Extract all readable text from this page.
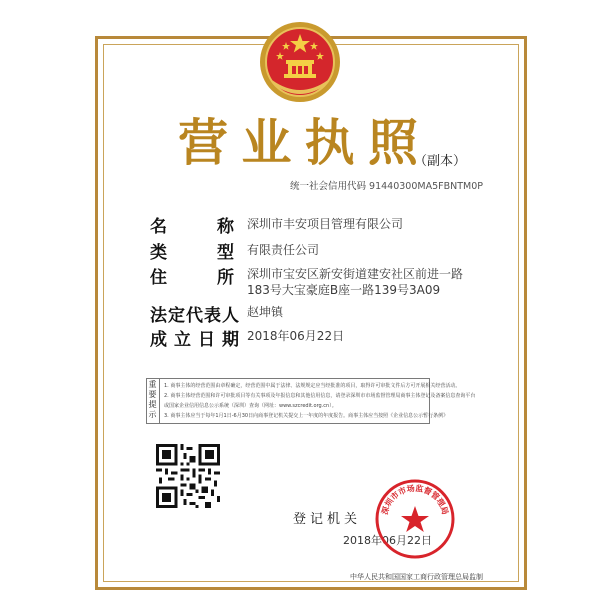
营 业 执 照
（副本）
统一社会信用代码 91440300MA5FBNTM0P
名	称 深圳市丰安项目管理有限公司
类	型 有限责任公司
住	所 深圳市宝安区新安街道建安社区前进一路
183号大宝豪庭B座一路139号3A09
法定代表人 赵坤镇
成立日期 2018年06月22日
重要提示
1. 商事主体的经营范围由章程确定，经营范围中属于法律、法规规定应当经批准的项目，取得许可审批文件后方可开展相关经营活动。
2. 商事主体经营范围和许可审批项目等有关事项及年报信息和其他信用信息，请登录深圳市市场监督管理局商事主体登记及备案信息查询平台
或国家企业信用信息公示系统（深圳）查询（网址：www.szcredit.org.cn）。
3. 商事主体应当于每年1月1日-6月30日向商事登记机关提交上一年度的年度报告。商事主体应当按照《企业信息公示暂行条例》
登记机关
2018年06月22日
深圳市市场监督管理局
中华人民共和国国家工商行政管理总局监制
